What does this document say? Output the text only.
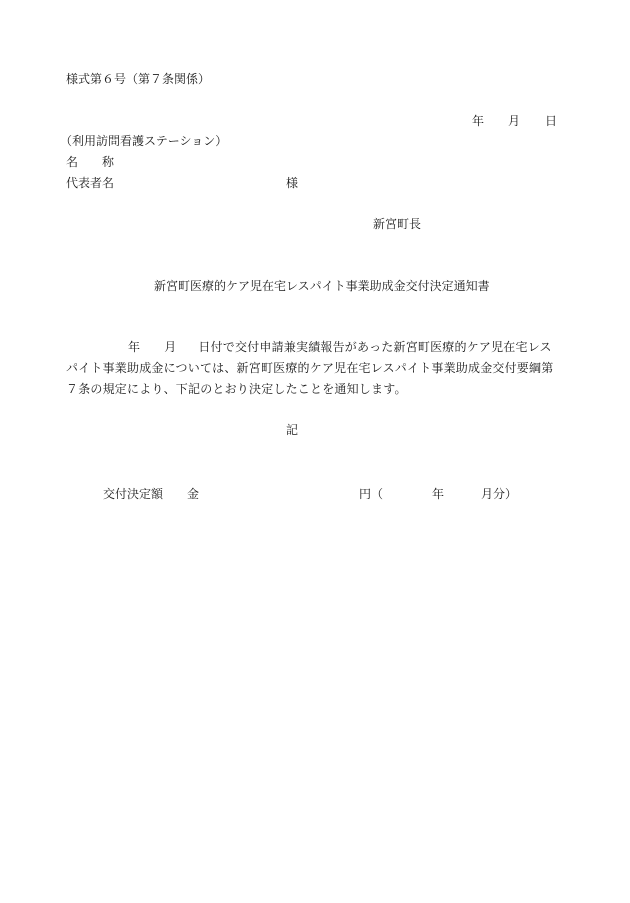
様式第６号（第７条関係）
年 月 日
（利用訪問看護ステーション）
名　　称
代表者名	様
新宮町長
新宮町医療的ケア児在宅レスパイト事業助成金交付決定通知書
年 月 日付で交付申請兼実績報告があった新宮町医療的ケア児在宅レスパイト事業助成金については、新宮町医療的ケア児在宅レスパイト事業助成金交付要綱第７条の規定により、下記のとおり決定したことを通知します。
記
交付決定額 金	円（	年	月分）
